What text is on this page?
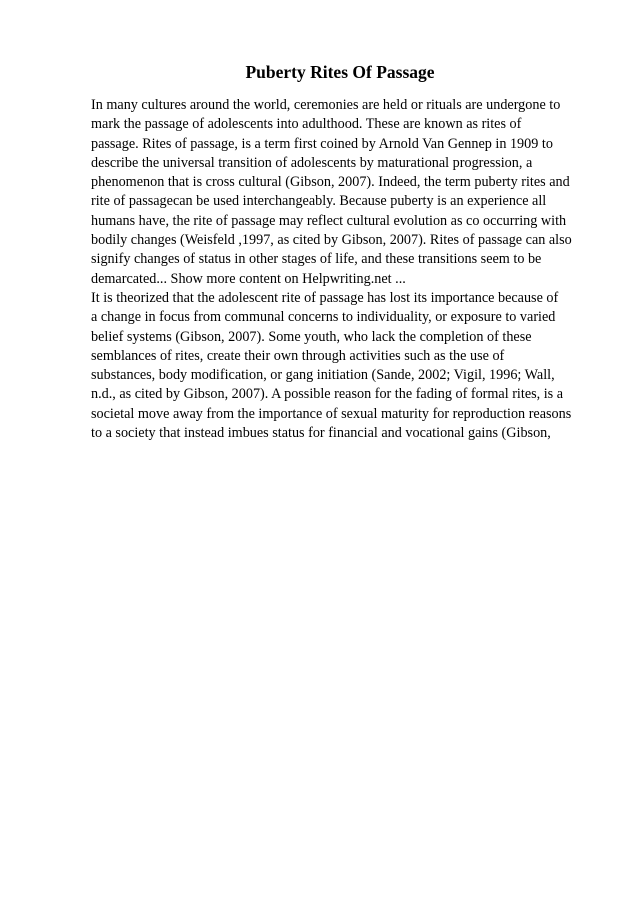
Puberty Rites Of Passage
In many cultures around the world, ceremonies are held or rituals are undergone to
mark the passage of adolescents into adulthood. These are known as rites of
passage. Rites of passage, is a term first coined by Arnold Van Gennep in 1909 to
describe the universal transition of adolescents by maturational progression, a
phenomenon that is cross cultural (Gibson, 2007). Indeed, the term puberty rites and
rite of passagecan be used interchangeably. Because puberty is an experience all
humans have, the rite of passage may reflect cultural evolution as co occurring with
bodily changes (Weisfeld ,1997, as cited by Gibson, 2007). Rites of passage can also
signify changes of status in other stages of life, and these transitions seem to be
demarcated... Show more content on Helpwriting.net ...
It is theorized that the adolescent rite of passage has lost its importance because of
a change in focus from communal concerns to individuality, or exposure to varied
belief systems (Gibson, 2007). Some youth, who lack the completion of these
semblances of rites, create their own through activities such as the use of
substances, body modification, or gang initiation (Sande, 2002; Vigil, 1996; Wall,
n.d., as cited by Gibson, 2007). A possible reason for the fading of formal rites, is a
societal move away from the importance of sexual maturity for reproduction reasons
to a society that instead imbues status for financial and vocational gains (Gibson,
